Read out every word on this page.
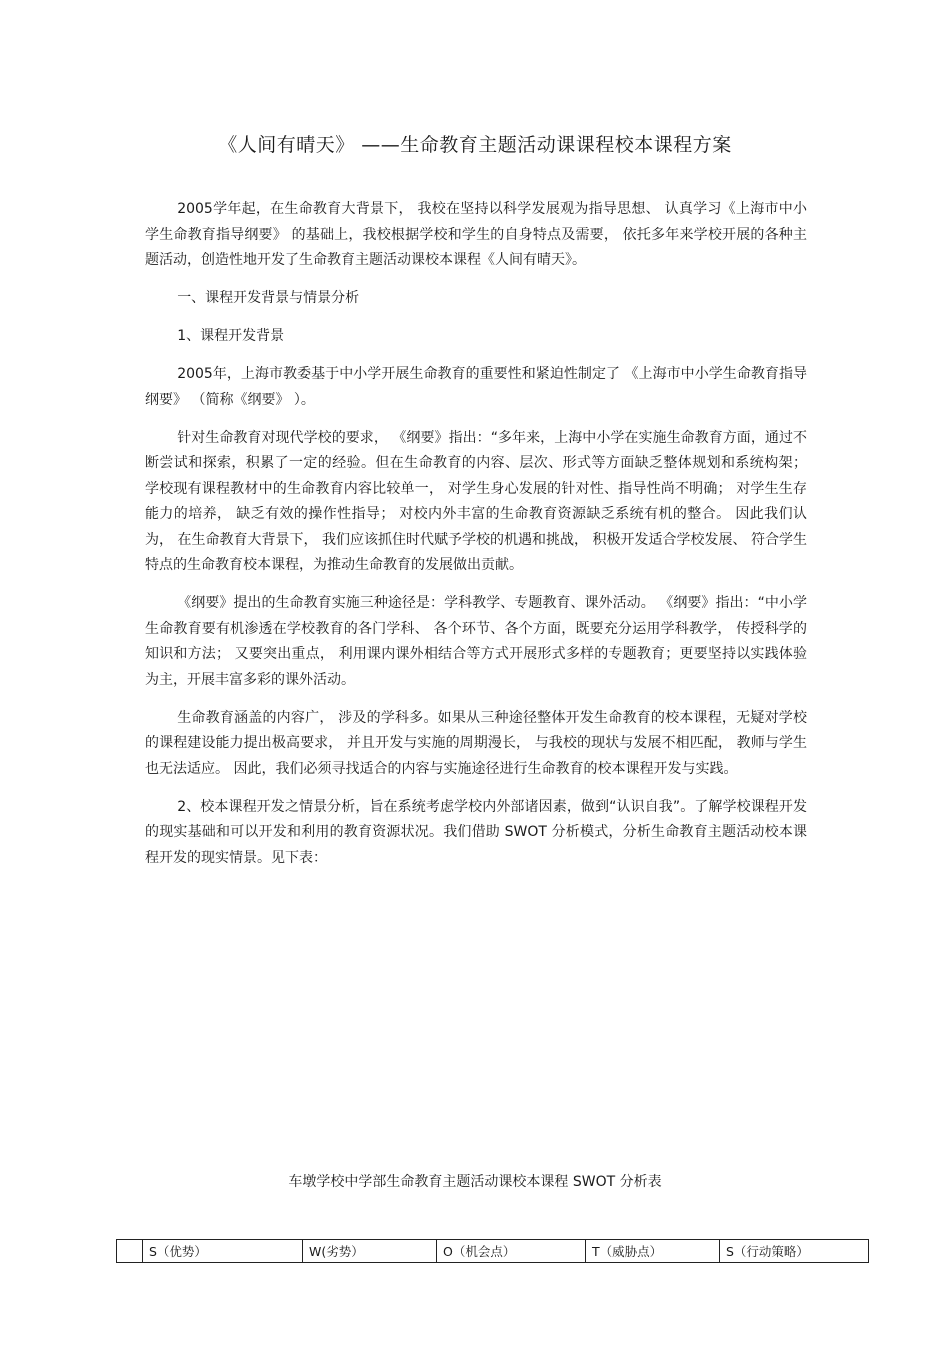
《人间有晴天》 ——生命教育主题活动课课程校本课程方案

2005学年起，在生命教育大背景下， 我校在坚持以科学发展观为指导思想、 认真学习《上海市中小学生命教育指导纲要》 的基础上，我校根据学校和学生的自身特点及需要， 依托多年来学校开展的各种主题活动，创造性地开发了生命教育主题活动课校本课程《人间有晴天》。

一、课程开发背景与情景分析

1、课程开发背景

2005年，上海市教委基于中小学开展生命教育的重要性和紧迫性制定了 《上海市中小学生命教育指导纲要》 （简称《纲要》 ）。

针对生命教育对现代学校的要求， 《纲要》指出：“多年来，上海中小学在实施生命教育方面，通过不断尝试和探索，积累了一定的经验。但在生命教育的内容、层次、形式等方面缺乏整体规划和系统构架； 学校现有课程教材中的生命教育内容比较单一， 对学生身心发展的针对性、指导性尚不明确； 对学生生存能力的培养， 缺乏有效的操作性指导； 对校内外丰富的生命教育资源缺乏系统有机的整合。 因此我们认为， 在生命教育大背景下， 我们应该抓住时代赋予学校的机遇和挑战， 积极开发适合学校发展、 符合学生特点的生命教育校本课程，为推动生命教育的发展做出贡献。

《纲要》提出的生命教育实施三种途径是：学科教学、专题教育、课外活动。 《纲要》指出：“中小学生命教育要有机渗透在学校教育的各门学科、 各个环节、各个方面，既要充分运用学科教学， 传授科学的知识和方法； 又要突出重点， 利用课内课外相结合等方式开展形式多样的专题教育；更要坚持以实践体验为主，开展丰富多彩的课外活动。

生命教育涵盖的内容广， 涉及的学科多。如果从三种途径整体开发生命教育的校本课程，无疑对学校的课程建设能力提出极高要求， 并且开发与实施的周期漫长， 与我校的现状与发展不相匹配， 教师与学生也无法适应。 因此，我们必须寻找适合的内容与实施途径进行生命教育的校本课程开发与实践。

2、校本课程开发之情景分析，旨在系统考虑学校内外部诸因素，做到“认识自我”。了解学校课程开发的现实基础和可以开发和利用的教育资源状况。我们借助 SWOT 分析模式，分析生命教育主题活动校本课程开发的现实情景。见下表：

车墩学校中学部生命教育主题活动课校本课程 SWOT 分析表
	S（优势）	W(劣势）	O（机会点）	T（威胁点）	S（行动策略）
